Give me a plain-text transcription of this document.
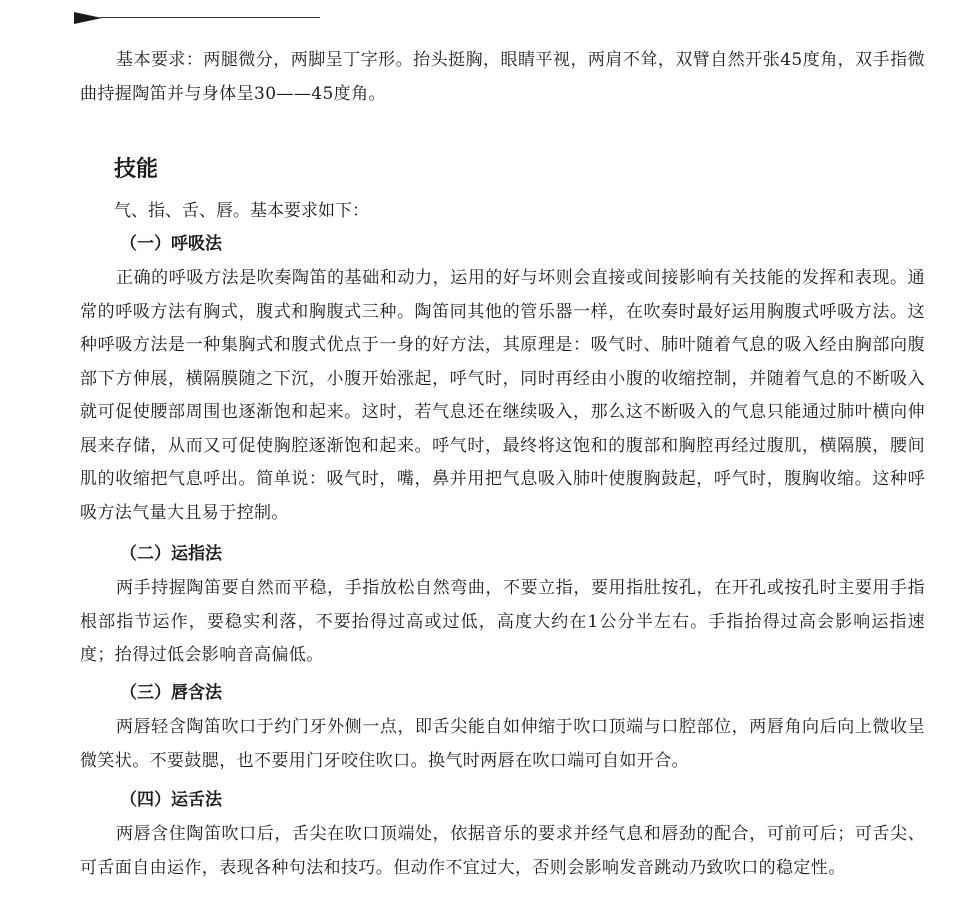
基本要求：两腿微分，两脚呈丁字形。抬头挺胸，眼睛平视，两肩不耸，双臂自然开张45度角，双手指微曲持握陶笛并与身体呈30——45度角。
技能
气、指、舌、唇。基本要求如下：
（一）呼吸法
正确的呼吸方法是吹奏陶笛的基础和动力，运用的好与坏则会直接或间接影响有关技能的发挥和表现。通常的呼吸方法有胸式，腹式和胸腹式三种。陶笛同其他的管乐器一样，在吹奏时最好运用胸腹式呼吸方法。这种呼吸方法是一种集胸式和腹式优点于一身的好方法，其原理是：吸气时、肺叶随着气息的吸入经由胸部向腹部下方伸展，横隔膜随之下沉，小腹开始涨起，呼气时，同时再经由小腹的收缩控制，并随着气息的不断吸入就可促使腰部周围也逐渐饱和起来。这时，若气息还在继续吸入，那么这不断吸入的气息只能通过肺叶横向伸展来存储，从而又可促使胸腔逐渐饱和起来。呼气时，最终将这饱和的腹部和胸腔再经过腹肌，横隔膜，腰间肌的收缩把气息呼出。简单说：吸气时，嘴，鼻并用把气息吸入肺叶使腹胸鼓起，呼气时，腹胸收缩。这种呼吸方法气量大且易于控制。
（二）运指法
两手持握陶笛要自然而平稳，手指放松自然弯曲，不要立指，要用指肚按孔，在开孔或按孔时主要用手指根部指节运作，要稳实利落，不要抬得过高或过低，高度大约在1公分半左右。手指抬得过高会影响运指速度；抬得过低会影响音高偏低。
（三）唇含法
两唇轻含陶笛吹口于约门牙外侧一点，即舌尖能自如伸缩于吹口顶端与口腔部位，两唇角向后向上微收呈微笑状。不要鼓腮，也不要用门牙咬住吹口。换气时两唇在吹口端可自如开合。
（四）运舌法
两唇含住陶笛吹口后，舌尖在吹口顶端处，依据音乐的要求并经气息和唇劲的配合，可前可后；可舌尖、可舌面自由运作，表现各种句法和技巧。但动作不宜过大，否则会影响发音跳动乃致吹口的稳定性。
